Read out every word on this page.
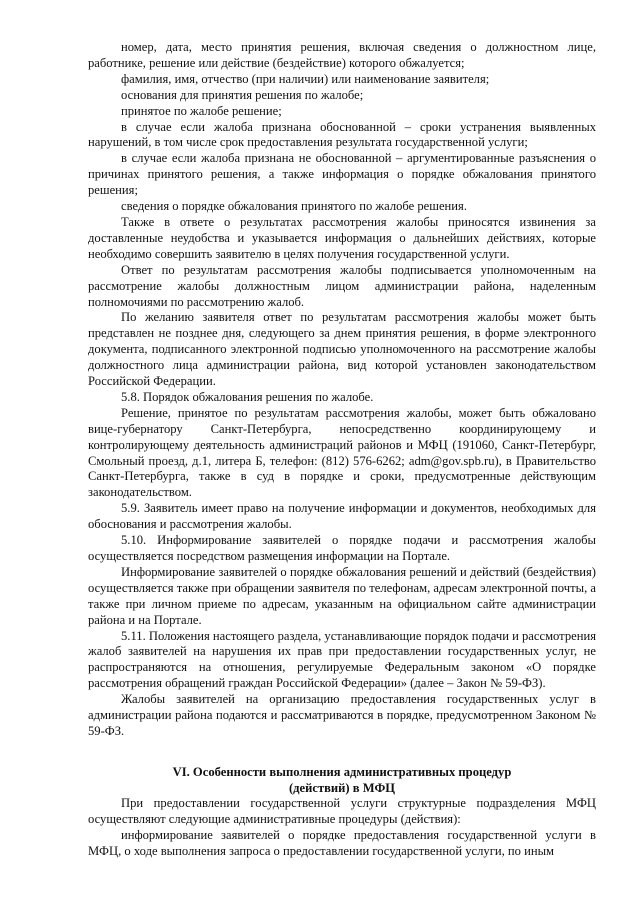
номер, дата, место принятия решения, включая сведения о должностном лице, работнике, решение или действие (бездействие) которого обжалуется;

фамилия, имя, отчество (при наличии) или наименование заявителя;

основания для принятия решения по жалобе;

принятое по жалобе решение;

в случае если жалоба признана обоснованной – сроки устранения выявленных нарушений, в том числе срок предоставления результата государственной услуги;

в случае если жалоба признана не обоснованной – аргументированные разъяснения о причинах принятого решения, а также информация о порядке обжалования принятого решения;

сведения о порядке обжалования принятого по жалобе решения.

Также в ответе о результатах рассмотрения жалобы приносятся извинения за доставленные неудобства и указывается информация о дальнейших действиях, которые необходимо совершить заявителю в целях получения государственной услуги.

Ответ по результатам рассмотрения жалобы подписывается уполномоченным на рассмотрение жалобы должностным лицом администрации района, наделенным полномочиями по рассмотрению жалоб.

По желанию заявителя ответ по результатам рассмотрения жалобы может быть представлен не позднее дня, следующего за днем принятия решения, в форме электронного документа, подписанного электронной подписью уполномоченного на рассмотрение жалобы должностного лица администрации района, вид которой установлен законодательством Российской Федерации.

5.8. Порядок обжалования решения по жалобе.

Решение, принятое по результатам рассмотрения жалобы, может быть обжаловано вице-губернатору Санкт-Петербурга, непосредственно координирующему и контролирующему деятельность администраций районов и МФЦ (191060, Санкт-Петербург, Смольный проезд, д.1, литера Б, телефон: (812) 576-6262; adm@gov.spb.ru), в Правительство Санкт-Петербурга, также в суд в порядке и сроки, предусмотренные действующим законодательством.

5.9. Заявитель имеет право на получение информации и документов, необходимых для обоснования и рассмотрения жалобы.

5.10. Информирование заявителей о порядке подачи и рассмотрения жалобы осуществляется посредством размещения информации на Портале.

Информирование заявителей о порядке обжалования решений и действий (бездействия) осуществляется также при обращении заявителя по телефонам, адресам электронной почты, а также при личном приеме по адресам, указанным на официальном сайте администрации района и на Портале.

5.11. Положения настоящего раздела, устанавливающие порядок подачи и рассмотрения жалоб заявителей на нарушения их прав при предоставлении государственных услуг, не распространяются на отношения, регулируемые Федеральным законом «О порядке рассмотрения обращений граждан Российской Федерации» (далее – Закон № 59-ФЗ).

Жалобы заявителей на организацию предоставления государственных услуг в администрации района подаются и рассматриваются в порядке, предусмотренном Законом № 59-ФЗ.

VI. Особенности выполнения административных процедур
(действий) в МФЦ

При предоставлении государственной услуги структурные подразделения МФЦ осуществляют следующие административные процедуры (действия):

информирование заявителей о порядке предоставления государственной услуги в МФЦ, о ходе выполнения запроса о предоставлении государственной услуги, по иным
